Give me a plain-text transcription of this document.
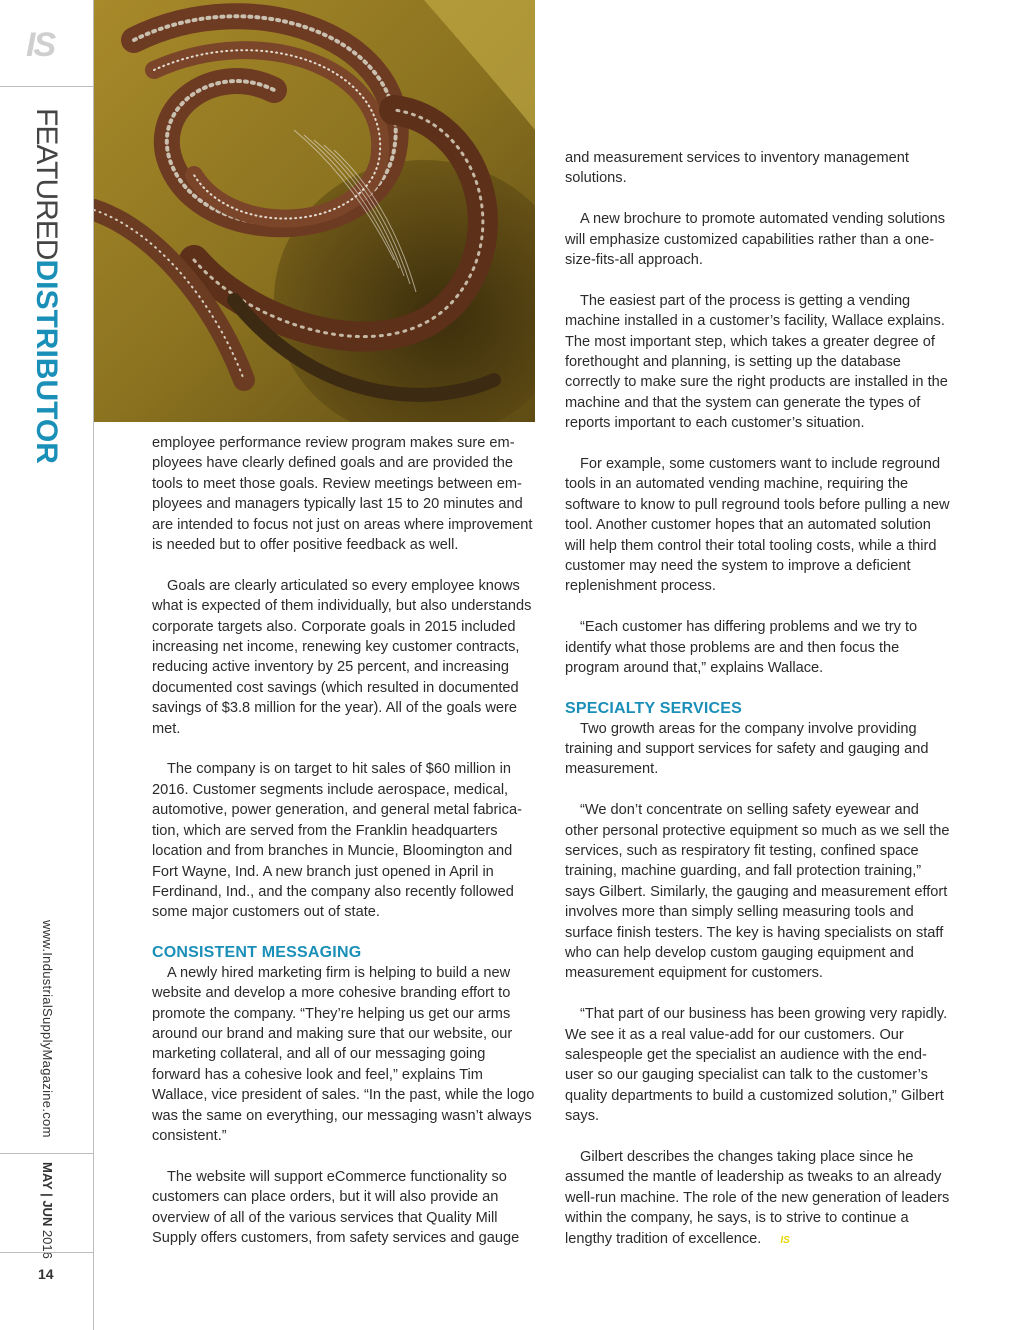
IS
FEATUREDDISTRIBUTOR
www.IndustrialSupplyMagazine.com
MAY | JUN 2016
14

employee performance review program makes sure employees have clearly defined goals and are provided the tools to meet those goals. Review meetings between employees and managers typically last 15 to 20 minutes and are intended to focus not just on areas where improvement is needed but to offer positive feedback as well.

Goals are clearly articulated so every employee knows what is expected of them individually, but also understands corporate targets also. Corporate goals in 2015 included increasing net income, renewing key customer contracts, reducing active inventory by 25 percent, and increasing documented cost savings (which resulted in documented savings of $3.8 million for the year). All of the goals were met.

The company is on target to hit sales of $60 million in 2016. Customer segments include aerospace, medical, automotive, power generation, and general metal fabrication, which are served from the Franklin headquarters location and from branches in Muncie, Bloomington and Fort Wayne, Ind. A new branch just opened in April in Ferdinand, Ind., and the company also recently followed some major customers out of state.

CONSISTENT MESSAGING

A newly hired marketing firm is helping to build a new website and develop a more cohesive branding effort to promote the company. “They’re helping us get our arms around our brand and making sure that our website, our marketing collateral, and all of our messaging going forward has a cohesive look and feel,” explains Tim Wallace, vice president of sales. “In the past, while the logo was the same on everything, our messaging wasn’t always consistent.”

The website will support eCommerce functionality so customers can place orders, but it will also provide an overview of all of the various services that Quality Mill Supply offers customers, from safety services and gauge

and measurement services to inventory management solutions.

A new brochure to promote automated vending solutions will emphasize customized capabilities rather than a one-size-fits-all approach.

The easiest part of the process is getting a vending machine installed in a customer’s facility, Wallace explains. The most important step, which takes a greater degree of forethought and planning, is setting up the database correctly to make sure the right products are installed in the machine and that the system can generate the types of reports important to each customer’s situation.

For example, some customers want to include reground tools in an automated vending machine, requiring the software to know to pull reground tools before pulling a new tool. Another customer hopes that an automated solution will help them control their total tooling costs, while a third customer may need the system to improve a deficient replenishment process.

“Each customer has differing problems and we try to identify what those problems are and then focus the program around that,” explains Wallace.

SPECIALTY SERVICES

Two growth areas for the company involve providing training and support services for safety and gauging and measurement.

“We don’t concentrate on selling safety eyewear and other personal protective equipment so much as we sell the services, such as respiratory fit testing, confined space training, machine guarding, and fall protection training,” says Gilbert. Similarly, the gauging and measurement effort involves more than simply selling measuring tools and surface finish testers. The key is having specialists on staff who can help develop custom gauging equipment and measurement equipment for customers.

“That part of our business has been growing very rapidly. We see it as a real value-add for our customers. Our salespeople get the specialist an audience with the end-user so our gauging specialist can talk to the customer’s quality departments to build a customized solution,” Gilbert says.

Gilbert describes the changes taking place since he assumed the mantle of leadership as tweaks to an already well-run machine. The role of the new generation of leaders within the company, he says, is to strive to continue a lengthy tradition of excellence. IS
